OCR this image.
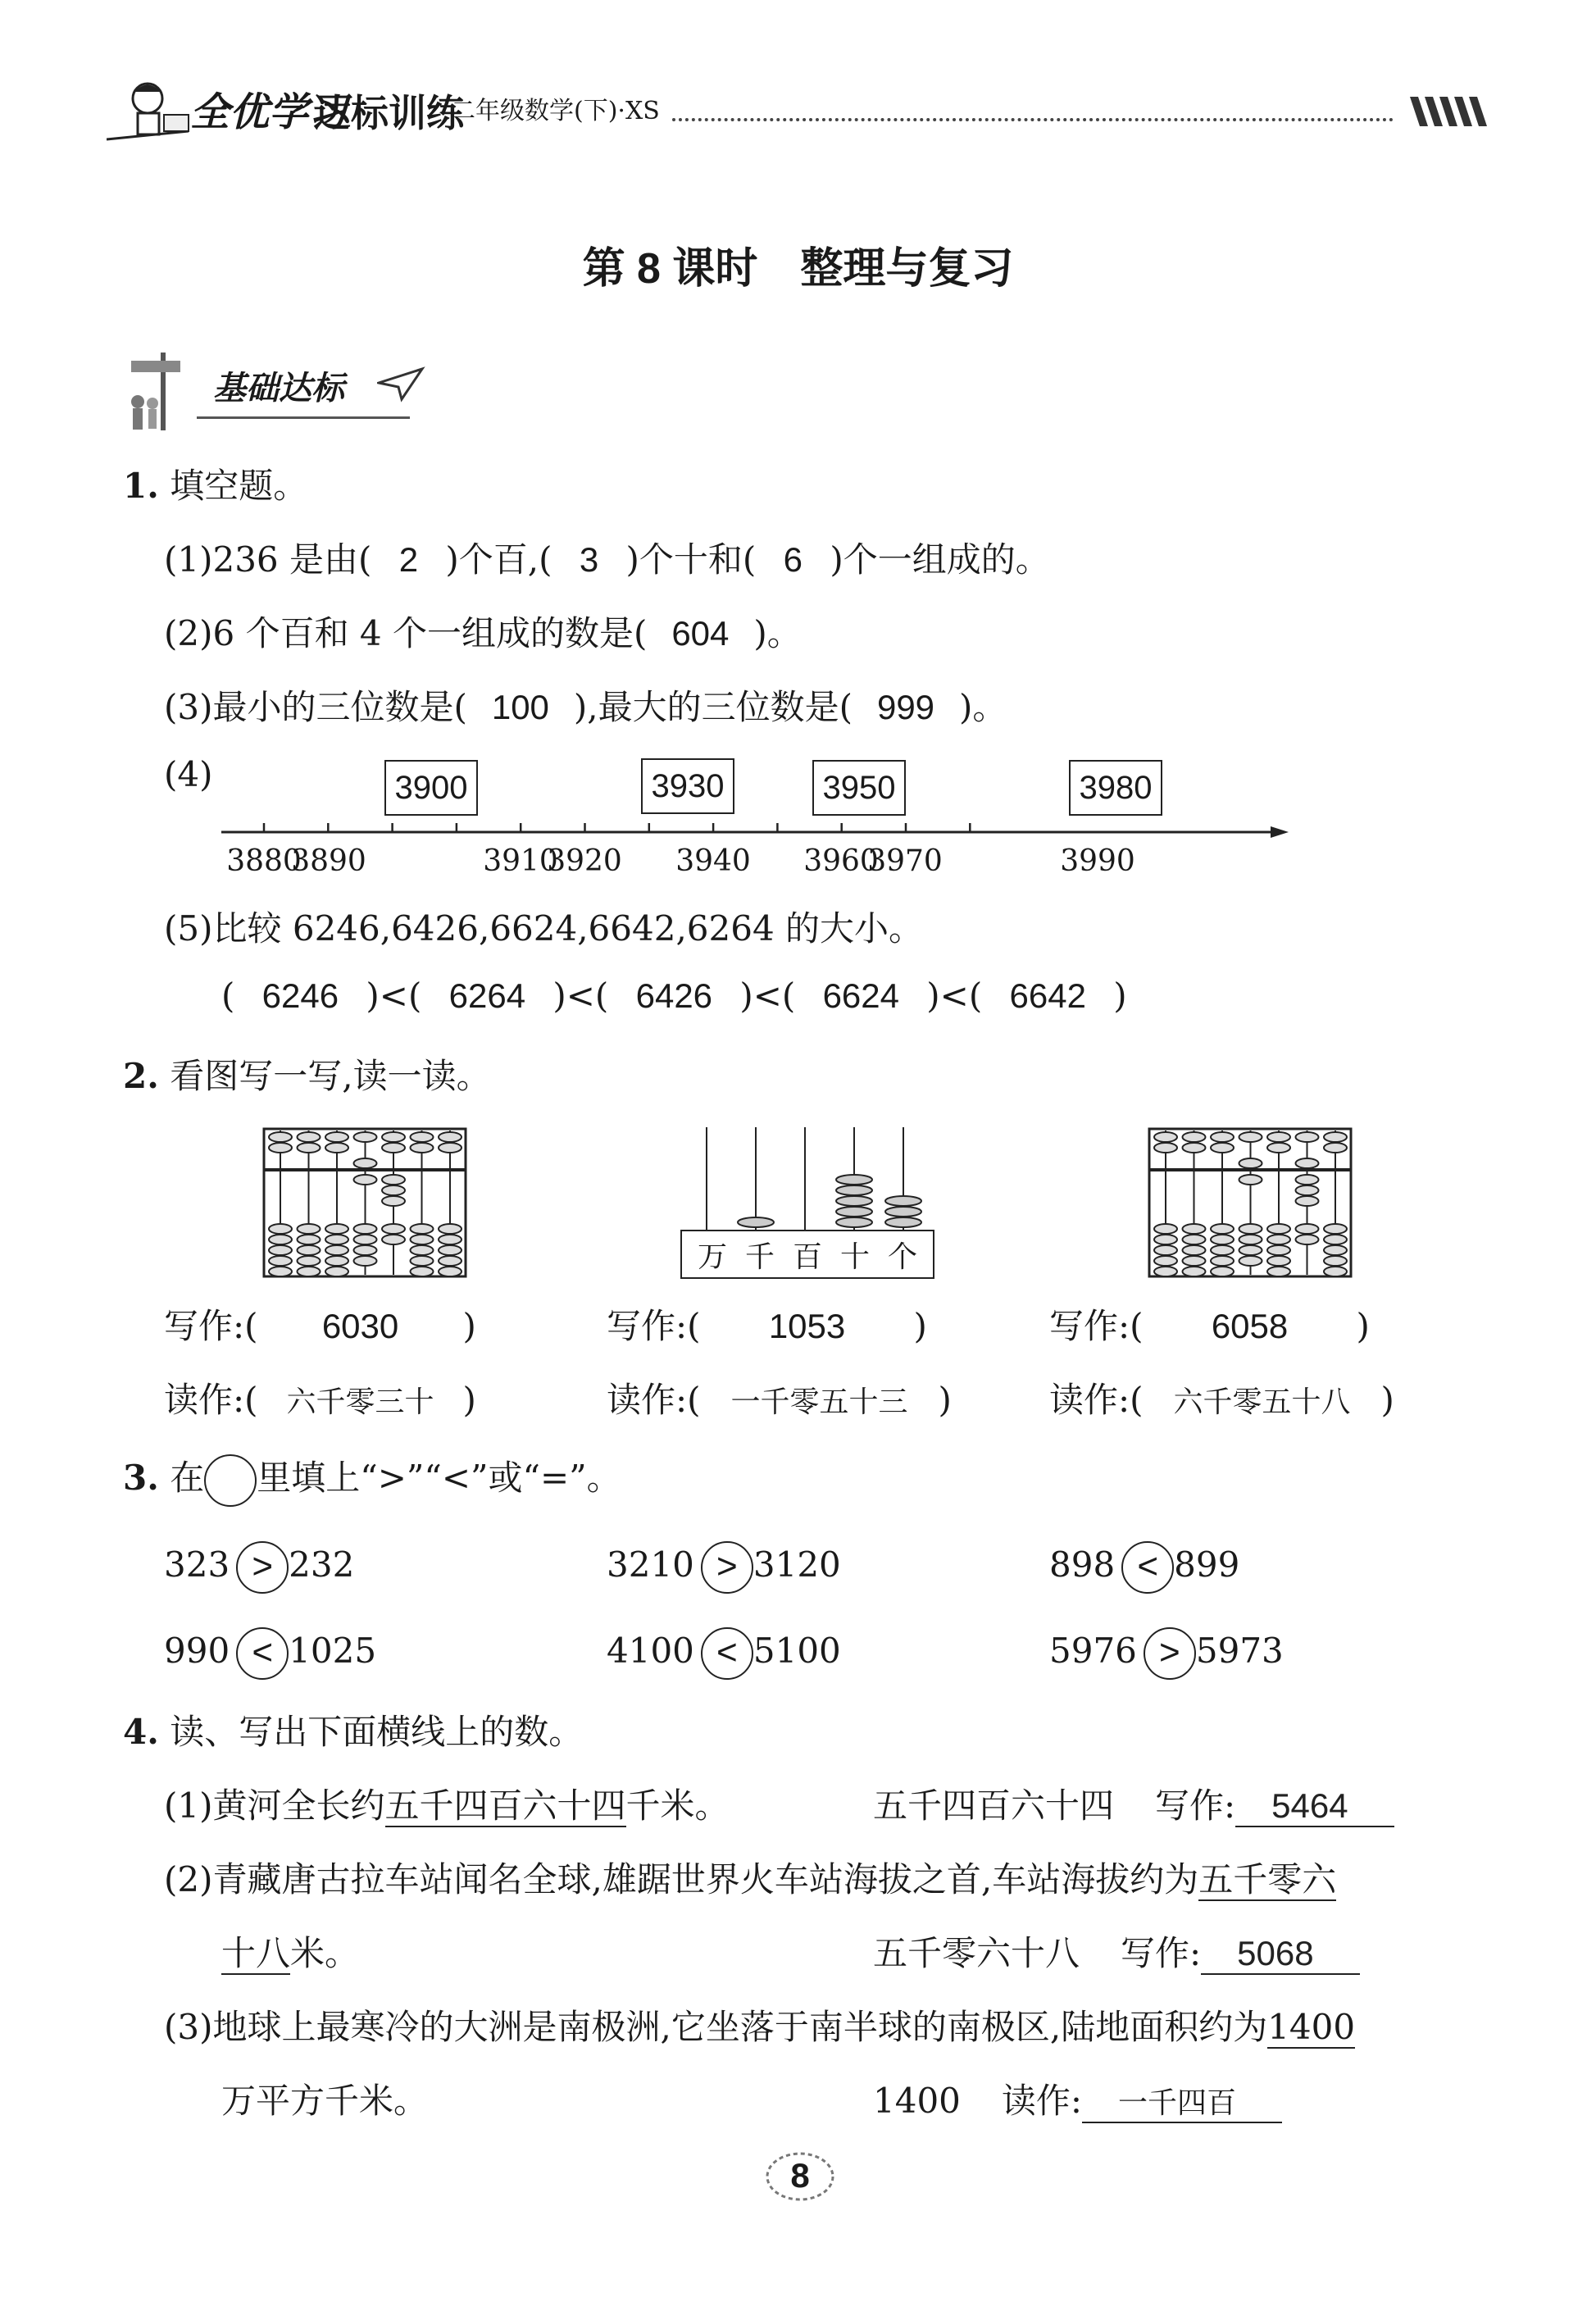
全优学习
达标训练
二年级数学(下)·XS
第 8 课时　整理与复习
基础达标
1. 填空题。
(1)236 是由( 2 )个百,( 3 )个十和( 6 )个一组成的。
(2)6 个百和 4 个一组成的数是( 604 )。
(3)最小的三位数是( 100 ),最大的三位数是( 999 )。
(4)	3900	3930	3950	3980
3880
3890	3910
3920 3940 3960
3970	3990
(5)比较 6246,6426,6624,6642,6264 的大小。
( 6246 )<( 6264 )<( 6426 )<( 6624 )<( 6642 )
2. 看图写一写,读一读。
万 千 百 十 个
写作:( 6030 )	写作:( 1053 )	写作:( 6058 )
读作:( 六千零三十 )	读作:( 一千零五十三 )	读作:( 六千零五十八 )
3. 在 里填上“>”“<”或“=”。
323 > 232	3210 > 3120	898 < 899
990 < 1025	4100 < 5100	5976 > 5973
4. 读、写出下面横线上的数。
(1)黄河全长约五千四百六十四千米。	五千四百六十四 写作: 5464
(2)青藏唐古拉车站闻名全球,雄踞世界火车站海拔之首,车站海拔约为五千零六
十八米。	五千零六十八 写作: 5068
(3)地球上最寒冷的大洲是南极洲,它坐落于南半球的南极区,陆地面积约为1400
万平方千米。	1400 读作: 一千四百
8
